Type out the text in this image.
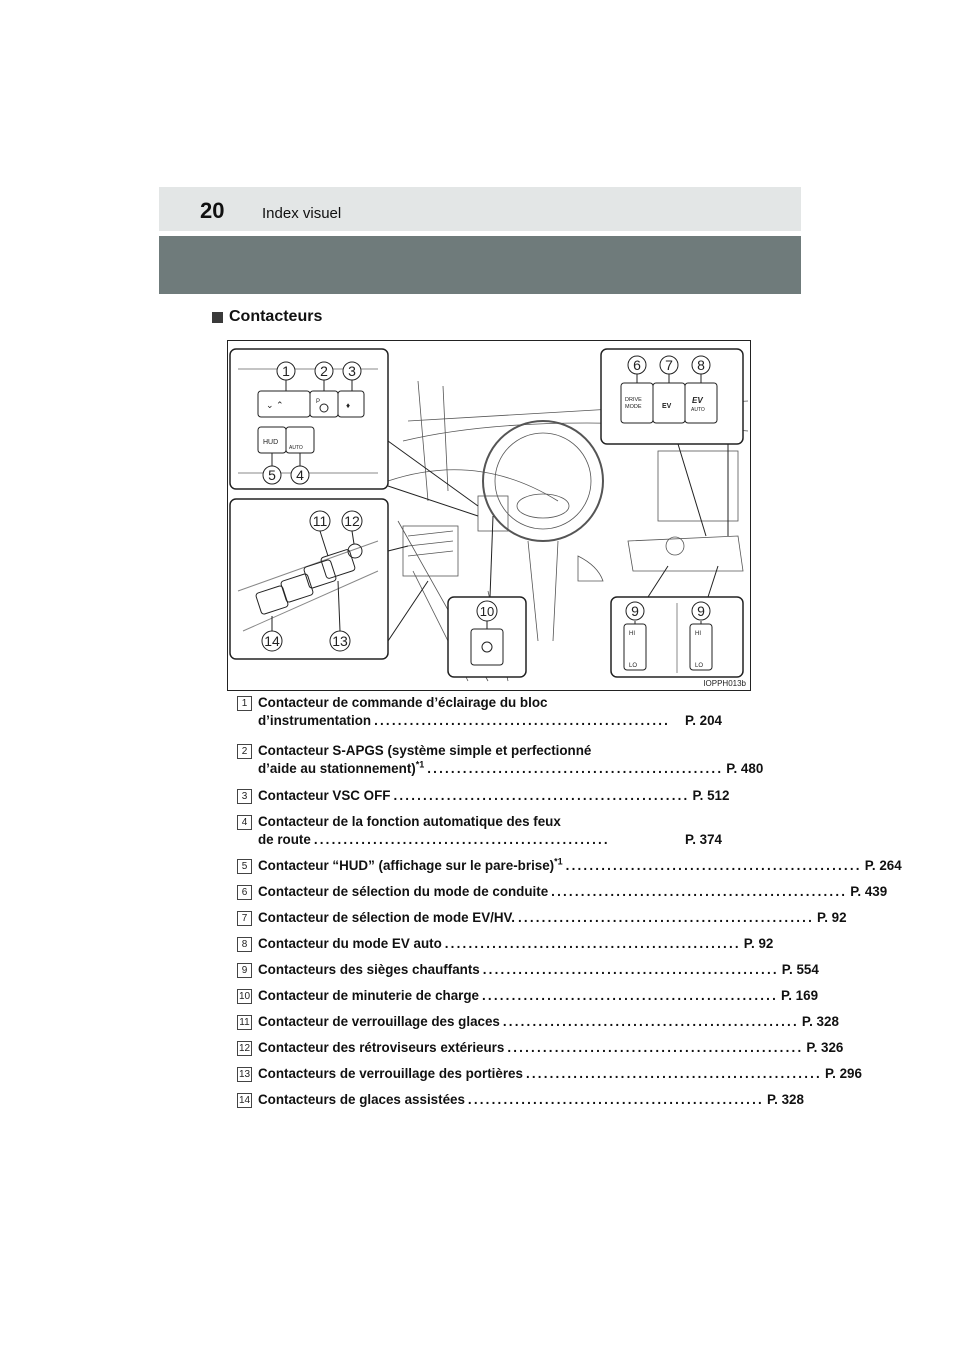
20	Index visuel
Contacteurs
⌄ ⌃	P	♦
HUD
AUTO
1 2 3
5 4
DRIVE
MODE	EV
EV
AUTO
6 7 8
11 12
14	13
10
HI
LO
HI
LO
9	9
IOPPH013b
1 Contacteur de commande d’éclairage du bloc
d’instrumentation ..................................................	P. 204
2 Contacteur S-APGS (système simple et perfectionné
d’aide au stationnement)$^{*1}$ .................................................. P. 480
3 Contacteur VSC OFF .................................................. P. 512
4 Contacteur de la fonction automatique des feux
de route ..................................................	P. 374
5 Contacteur “HUD” (affichage sur le pare-brise)$^{*1}$ .................................................. P. 264
6 Contacteur de sélection du mode de conduite .................................................. P. 439
7 Contacteur de sélection de mode EV/HV. .................................................. P. 92
8 Contacteur du mode EV auto .................................................. P. 92
9 Contacteurs des sièges chauffants .................................................. P. 554
10 Contacteur de minuterie de charge .................................................. P. 169
11 Contacteur de verrouillage des glaces .................................................. P. 328
12 Contacteur des rétroviseurs extérieurs .................................................. P. 326
13 Contacteurs de verrouillage des portières .................................................. P. 296
14 Contacteurs de glaces assistées .................................................. P. 328
